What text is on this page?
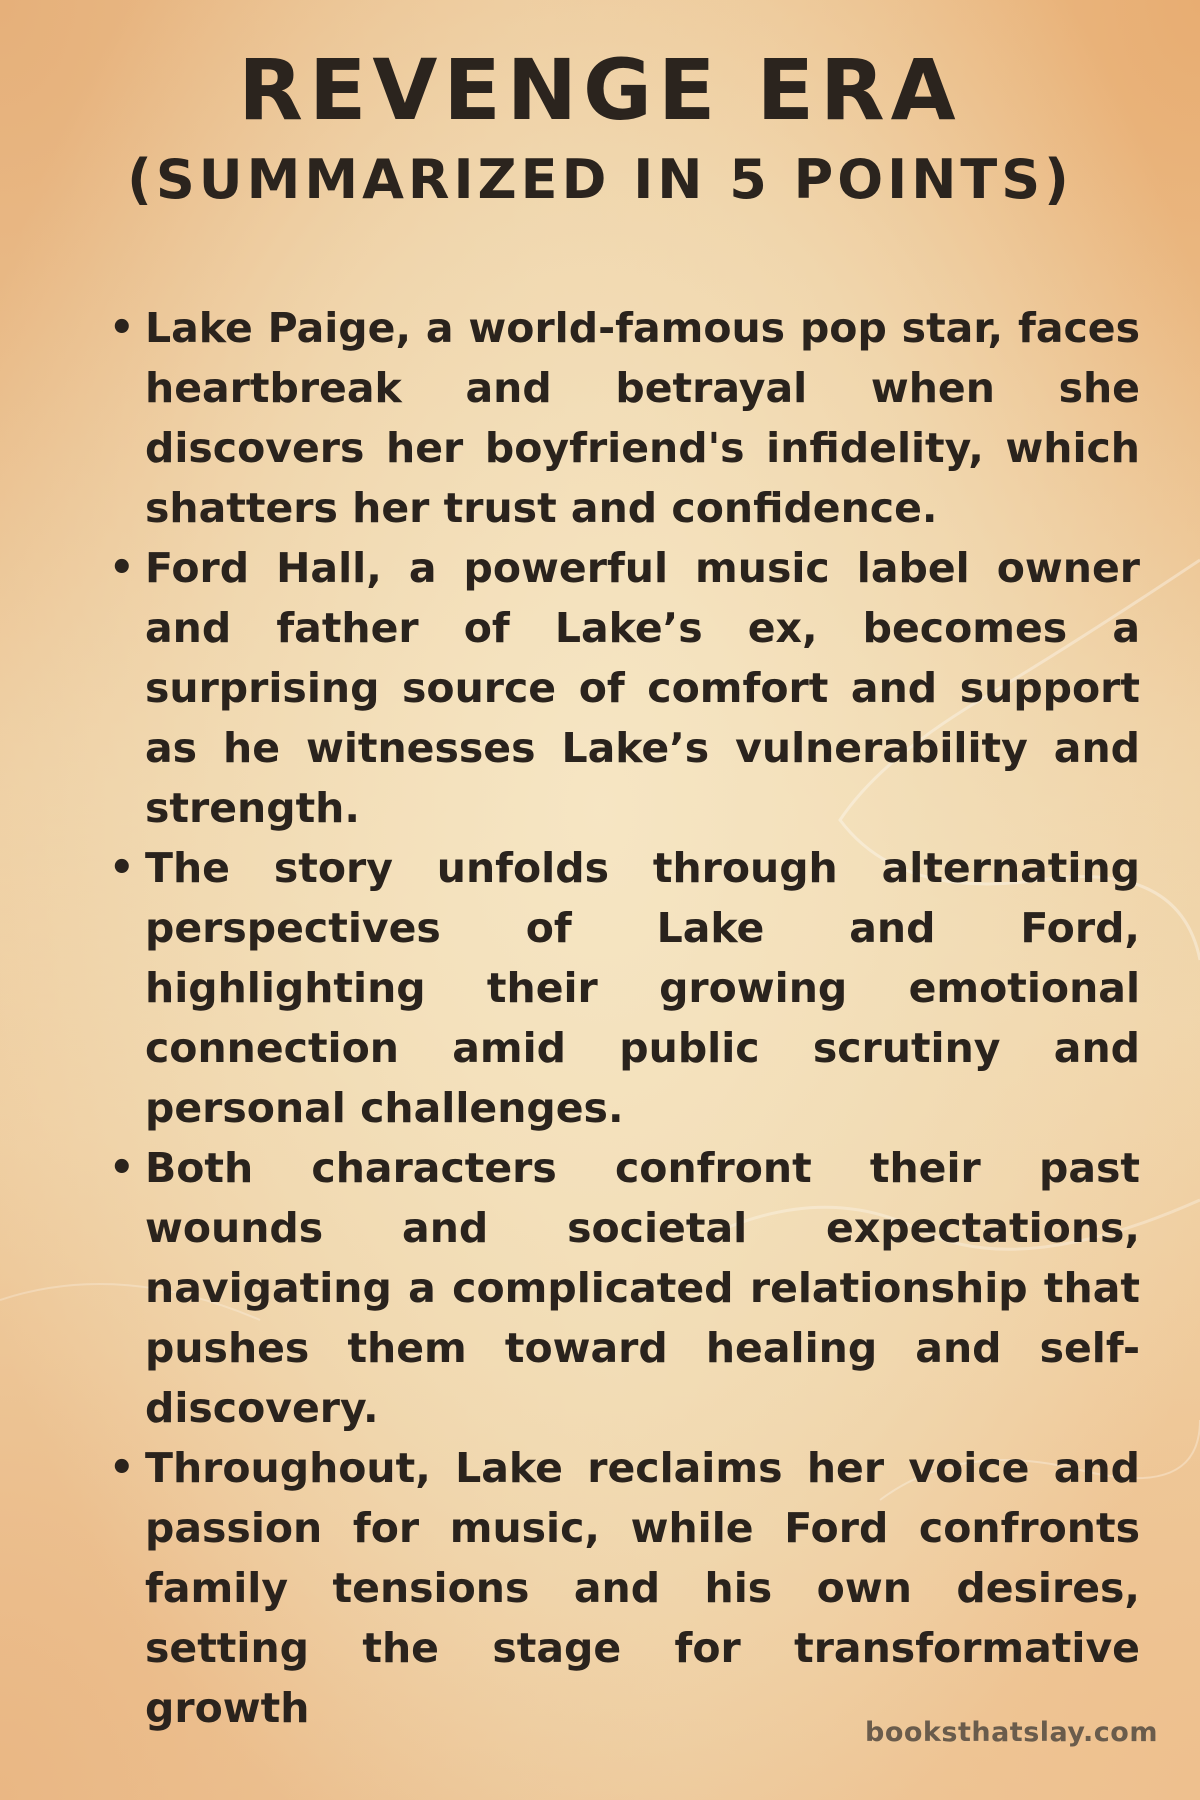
REVENGE ERA
(SUMMARIZED IN 5 POINTS)
• Lake Paige, a world-famous pop star, faces heartbreak and betrayal when she discovers her boyfriend's infidelity, which shatters her trust and confidence.
• Ford Hall, a powerful music label owner and father of Lake’s ex, becomes a surprising source of comfort and support as he witnesses Lake’s vulnerability and strength.
• The story unfolds through alternating perspectives of Lake and Ford, highlighting their growing emotional connection amid public scrutiny and personal challenges.
• Both characters confront their past wounds and societal expectations, navigating a complicated relationship that pushes them toward healing and self-discovery.
• Throughout, Lake reclaims her voice and passion for music, while Ford confronts family tensions and his own desires, setting the stage for transformative growth
booksthatslay.com
